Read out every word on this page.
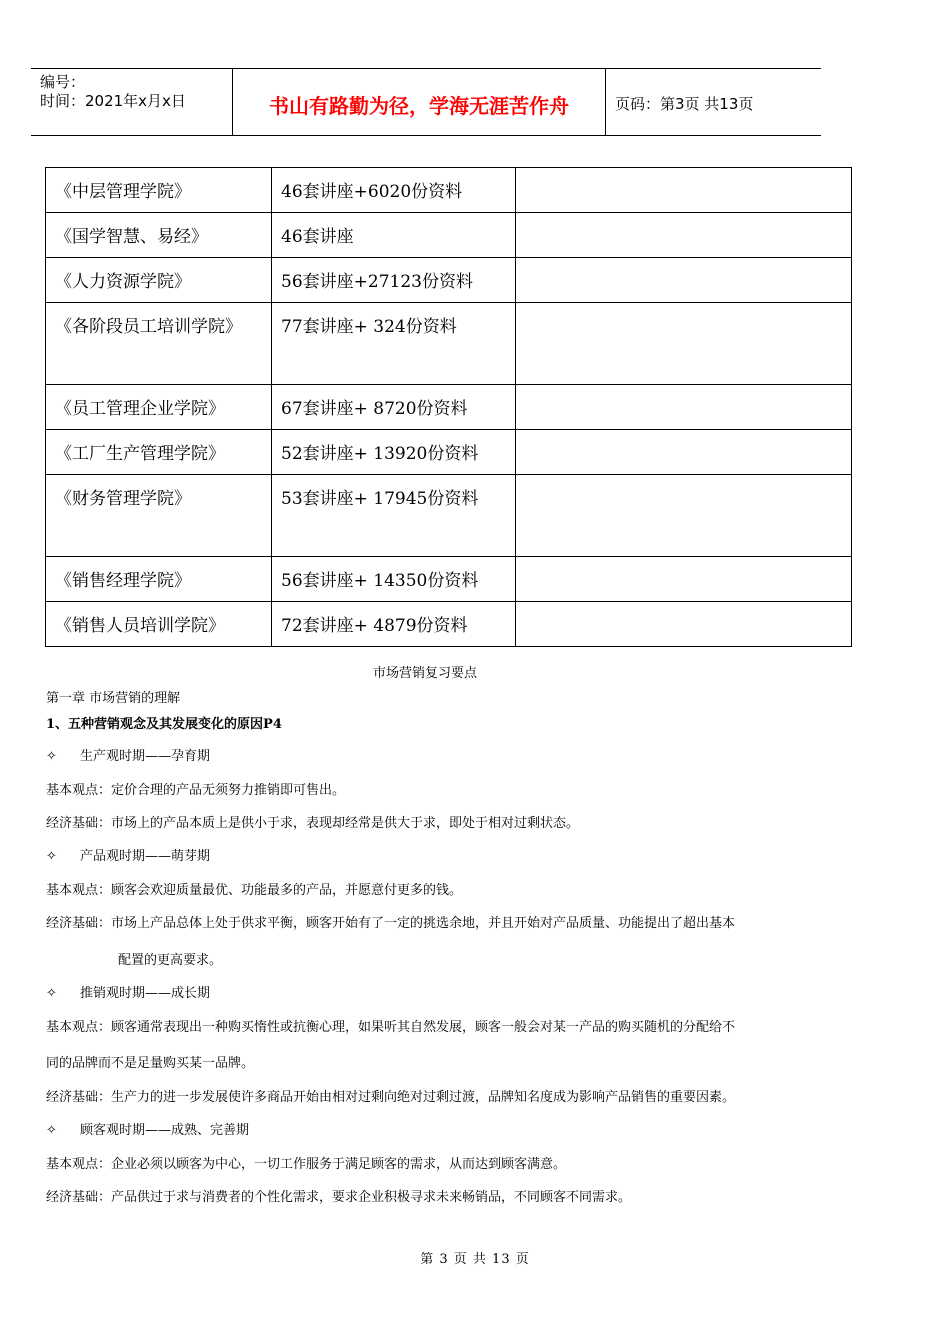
编号：
时间：2021年x月x日	书山有路勤为径，学海无涯苦作舟	页码：第3页 共13页
《中层管理学院》	46套讲座+6020份资料	
《国学智慧、易经》	46套讲座	
《人力资源学院》	56套讲座+27123份资料	
《各阶段员工培训学院》	77套讲座+ 324份资料	
《员工管理企业学院》	67套讲座+ 8720份资料	
《工厂生产管理学院》	52套讲座+ 13920份资料	
《财务管理学院》	53套讲座+ 17945份资料	
《销售经理学院》	56套讲座+ 14350份资料	
《销售人员培训学院》	72套讲座+ 4879份资料	
市场营销复习要点
第一章 市场营销的理解
1、五种营销观念及其发展变化的原因P4
✧ 生产观时期——孕育期
基本观点：定价合理的产品无须努力推销即可售出。
经济基础：市场上的产品本质上是供小于求，表现却经常是供大于求，即处于相对过剩状态。
✧ 产品观时期——萌芽期
基本观点：顾客会欢迎质量最优、功能最多的产品，并愿意付更多的钱。
经济基础：市场上产品总体上处于供求平衡，顾客开始有了一定的挑选余地，并且开始对产品质量、功能提出了超出基本
配置的更高要求。
✧ 推销观时期——成长期
基本观点：顾客通常表现出一种购买惰性或抗衡心理，如果听其自然发展，顾客一般会对某一产品的购买随机的分配给不
同的品牌而不是足量购买某一品牌。
经济基础：生产力的进一步发展使许多商品开始由相对过剩向绝对过剩过渡，品牌知名度成为影响产品销售的重要因素。
✧ 顾客观时期——成熟、完善期
基本观点：企业必须以顾客为中心，一切工作服务于满足顾客的需求，从而达到顾客满意。
经济基础：产品供过于求与消费者的个性化需求，要求企业积极寻求未来畅销品，不同顾客不同需求。
第 3 页 共 13 页
